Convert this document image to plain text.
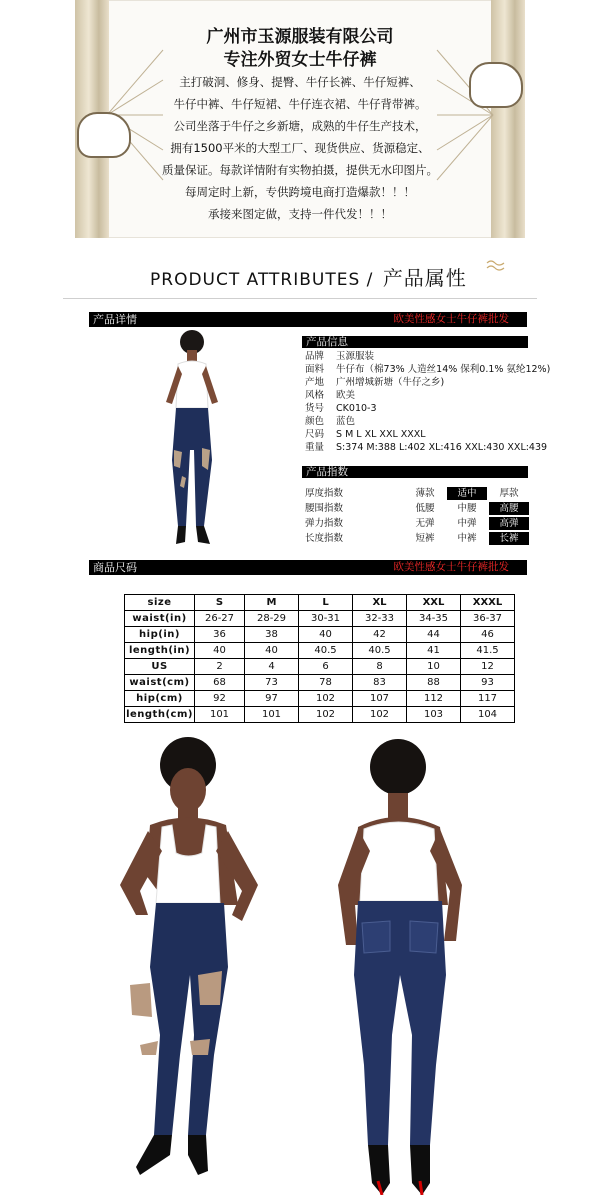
广州市玉源服装有限公司
专注外贸女士牛仔裤
主打破洞、修身、提臀、牛仔长裤、牛仔短裤、
牛仔中裤、牛仔短裙、牛仔连衣裙、牛仔背带裤。
公司坐落于牛仔之乡新塘，成熟的牛仔生产技术，
拥有1500平米的大型工厂、现货供应、货源稳定、
质量保证。每款详情附有实物拍摄，提供无水印图片。
每周定时上新，专供跨境电商打造爆款！！！
承接来图定做，支持一件代发！！！
PRODUCT ATTRIBUTES / 产品属性
产品详情	欧美性感女士牛仔裤批发
产品信息
品牌 玉源服装
面料 牛仔布（棉73% 人造丝14% 保利0.1% 氨纶12%)
产地 广州增城新塘（牛仔之乡)
风格 欧美
货号 CK010-3
颜色 蓝色
尺码 S M L XL XXL XXXL
重量 S:374 M:388 L:402 XL:416 XXL:430 XXL:439
产品指数
厚度指数	薄款	适中	厚款
腰围指数	低腰	中腰	高腰
弹力指数	无弹	中弹	高弹
长度指数	短裤	中裤	长裤
商品尺码	欧美性感女士牛仔裤批发
size	S	M	L	XL	XXL	XXXL
waist(in)	26-27	28-29	30-31	32-33	34-35	36-37
hip(in)	36	38	40	42	44	46
length(in)	40	40	40.5	40.5	41	41.5
US	2	4	6	8	10	12
waist(cm)	68	73	78	83	88	93
hip(cm)	92	97	102	107	112	117
length(cm)	101	101	102	102	103	104
